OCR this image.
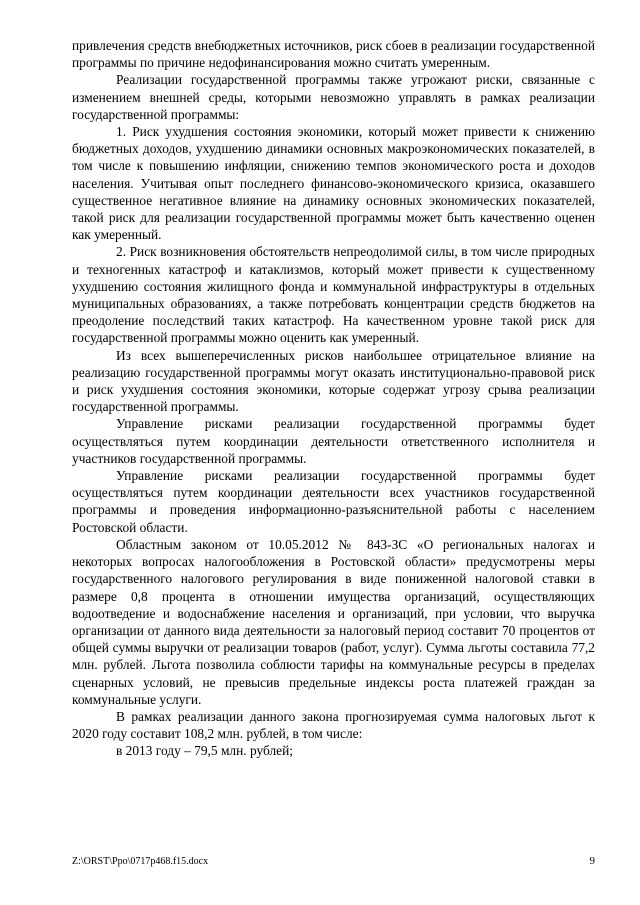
привлечения средств внебюджетных источников, риск сбоев в реализации государственной программы по причине недофинансирования можно считать умеренным.

Реализации государственной программы также угрожают риски, связанные с изменением внешней среды, которыми невозможно управлять в рамках реализации государственной программы:

1. Риск ухудшения состояния экономики, который может привести к снижению бюджетных доходов, ухудшению динамики основных макроэкономических показателей, в том числе к повышению инфляции, снижению темпов экономического роста и доходов населения. Учитывая опыт последнего финансово-экономического кризиса, оказавшего существенное негативное влияние на динамику основных экономических показателей, такой риск для реализации государственной программы может быть качественно оценен как умеренный.

2. Риск возникновения обстоятельств непреодолимой силы, в том числе природных и техногенных катастроф и катаклизмов, который может привести к существенному ухудшению состояния жилищного фонда и коммунальной инфраструктуры в отдельных муниципальных образованиях, а также потребовать концентрации средств бюджетов на преодоление последствий таких катастроф. На качественном уровне такой риск для государственной программы можно оценить как умеренный.

Из всех вышеперечисленных рисков наибольшее отрицательное влияние на реализацию государственной программы могут оказать институционально-правовой риск и риск ухудшения состояния экономики, которые содержат угрозу срыва реализации государственной программы.

Управление рисками реализации государственной программы будет осуществляться путем координации деятельности ответственного исполнителя и участников государственной программы.

Управление рисками реализации государственной программы будет осуществляться путем координации деятельности всех участников государственной программы и проведения информационно-разъяснительной работы с населением Ростовской области.

Областным законом от 10.05.2012 № 843-ЗС «О региональных налогах и некоторых вопросах налогообложения в Ростовской области» предусмотрены меры государственного налогового регулирования в виде пониженной налоговой ставки в размере 0,8 процента в отношении имущества организаций, осуществляющих водоотведение и водоснабжение населения и организаций, при условии, что выручка организации от данного вида деятельности за налоговый период составит 70 процентов от общей суммы выручки от реализации товаров (работ, услуг). Сумма льготы составила 77,2 млн. рублей. Льгота позволила соблюсти тарифы на коммунальные ресурсы в пределах сценарных условий, не превысив предельные индексы роста платежей граждан за коммунальные услуги.

В рамках реализации данного закона прогнозируемая сумма налоговых льгот к 2020 году составит 108,2 млн. рублей, в том числе:

в 2013 году – 79,5 млн. рублей;

Z:\ORST\Ppo\0717p468.f15.docx	9
